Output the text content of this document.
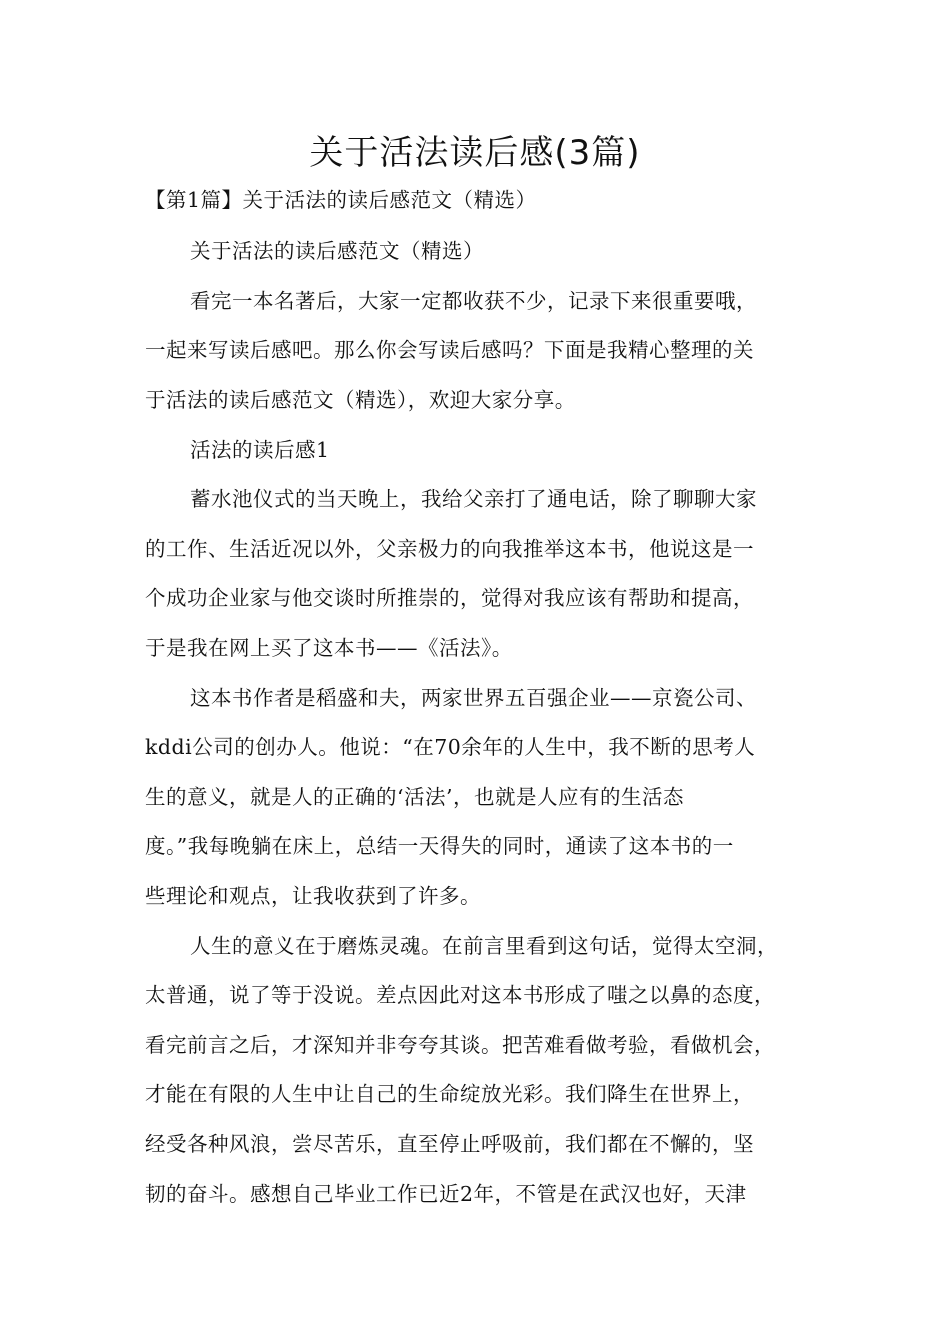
关于活法读后感(3篇)
【第1篇】关于活法的读后感范文（精选）
关于活法的读后感范文（精选）
看完一本名著后，大家一定都收获不少，记录下来很重要哦，
一起来写读后感吧。那么你会写读后感吗？下面是我精心整理的关
于活法的读后感范文（精选），欢迎大家分享。
活法的读后感1
蓄水池仪式的当天晚上，我给父亲打了通电话，除了聊聊大家
的工作、生活近况以外，父亲极力的向我推举这本书，他说这是一
个成功企业家与他交谈时所推崇的，觉得对我应该有帮助和提高，
于是我在网上买了这本书——《活法》。
这本书作者是稻盛和夫，两家世界五百强企业——京瓷公司、
kddi公司的创办人。他说：“在70余年的人生中，我不断的思考人
生的意义，就是人的正确的‘活法’，也就是人应有的生活态
度。”我每晚躺在床上，总结一天得失的同时，通读了这本书的一
些理论和观点，让我收获到了许多。
人生的意义在于磨炼灵魂。在前言里看到这句话，觉得太空洞，
太普通，说了等于没说。差点因此对这本书形成了嗤之以鼻的态度，
看完前言之后，才深知并非夸夸其谈。把苦难看做考验，看做机会，
才能在有限的人生中让自己的生命绽放光彩。我们降生在世界上，
经受各种风浪，尝尽苦乐，直至停止呼吸前，我们都在不懈的，坚
韧的奋斗。感想自己毕业工作已近2年，不管是在武汉也好，天津
